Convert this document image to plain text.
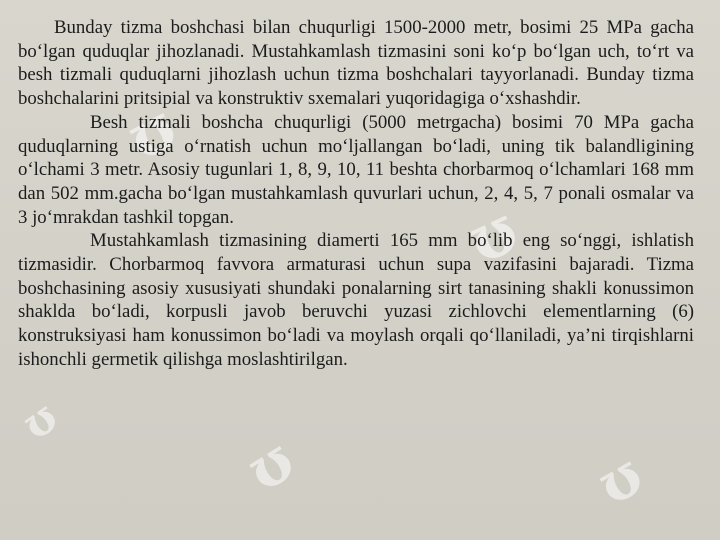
ʊ
ʊ
ʊ
ʊ
ʊ

Bunday tizma boshchasi bilan chuqurligi 1500-2000 metr, bosimi 25 MPa gacha bo‘lgan quduqlar jihozlanadi. Mustahkamlash tizmasini soni ko‘p bo‘lgan uch, to‘rt va besh tizmali quduqlarni jihozlash uchun tizma boshchalari tayyorlanadi. Bunday tizma boshchalarini pritsipial va konstruktiv sxemalari yuqoridagiga o‘xshashdir.

Besh tizmali boshcha chuqurligi (5000 metrgacha) bosimi 70 MPa gacha quduqlarning ustiga o‘rnatish uchun mo‘ljallangan bo‘ladi, uning tik balandligining o‘lchami 3 metr. Asosiy tugunlari 1, 8, 9, 10, 11 beshta chorbarmoq o‘lchamlari 168 mm dan 502 mm.gacha bo‘lgan mustahkamlash quvurlari uchun, 2, 4, 5, 7 ponali osmalar va 3 jo‘mrakdan tashkil topgan.

Mustahkamlash tizmasining diamerti 165 mm bo‘lib eng so‘nggi, ishlatish tizmasidir. Chorbarmoq favvora armaturasi uchun supa vazifasini bajaradi. Tizma boshchasining asosiy xususiyati shundaki ponalarning sirt tanasining shakli konussimon shaklda bo‘ladi, korpusli javob beruvchi yuzasi zichlovchi elementlarning (6) konstruksiyasi ham konussimon bo‘ladi va moylash orqali qo‘llaniladi, ya’ni tirqishlarni ishonchli germetik qilishga moslashtirilgan.
